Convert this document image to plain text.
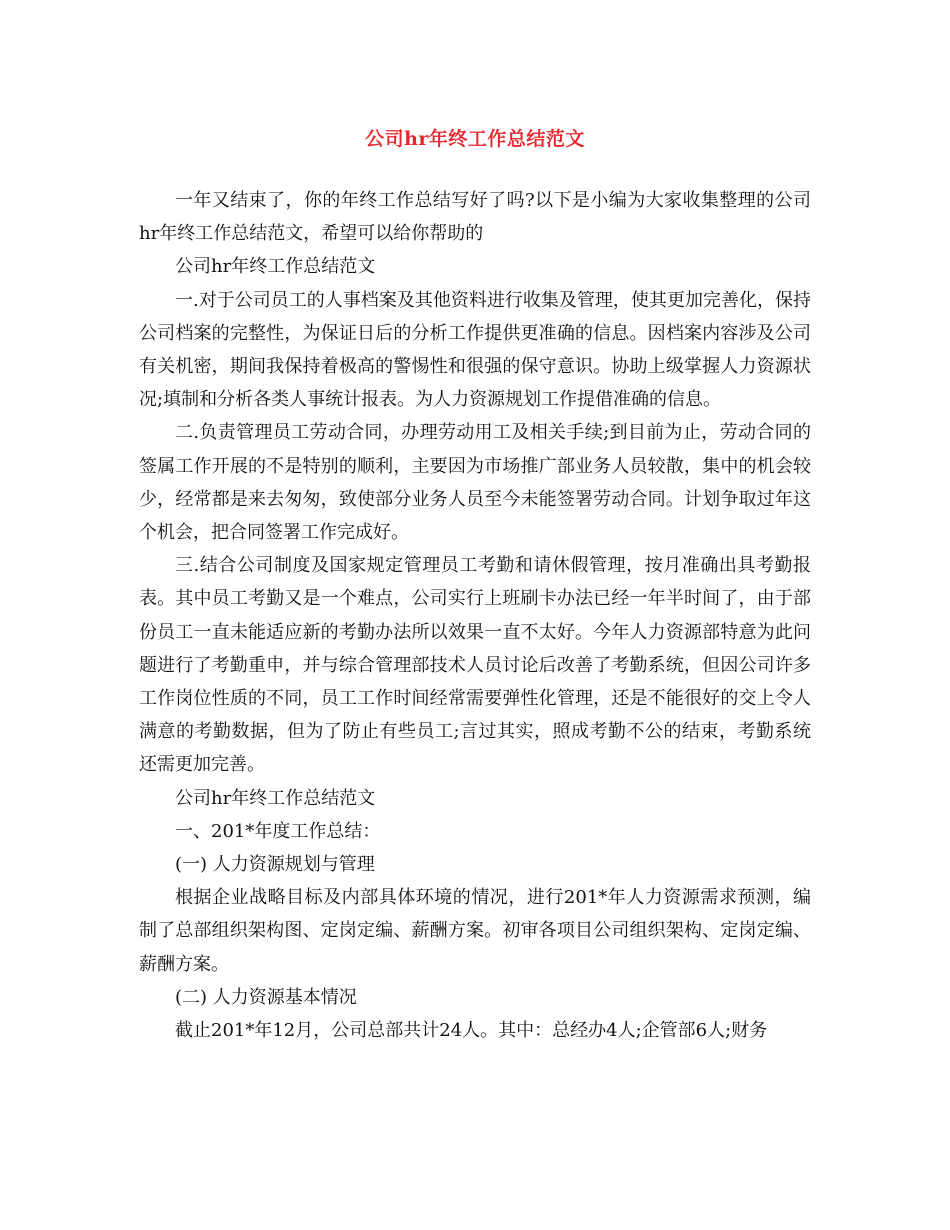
公司hr年终工作总结范文

一年又结束了，你的年终工作总结写好了吗?以下是小编为大家收集整理的公司hr年终工作总结范文，希望可以给你帮助的

公司hr年终工作总结范文

一.对于公司员工的人事档案及其他资料进行收集及管理，使其更加完善化，保持公司档案的完整性，为保证日后的分析工作提供更准确的信息。因档案内容涉及公司有关机密，期间我保持着极高的警惕性和很强的保守意识。协助上级掌握人力资源状况;填制和分析各类人事统计报表。为人力资源规划工作提借准确的信息。

二.负责管理员工劳动合同，办理劳动用工及相关手续;到目前为止，劳动合同的签属工作开展的不是特别的顺利，主要因为市场推广部业务人员较散，集中的机会较少，经常都是来去匆匆，致使部分业务人员至今未能签署劳动合同。计划争取过年这个机会，把合同签署工作完成好。

三.结合公司制度及国家规定管理员工考勤和请休假管理，按月准确出具考勤报表。其中员工考勤又是一个难点，公司实行上班刷卡办法已经一年半时间了，由于部份员工一直未能适应新的考勤办法所以效果一直不太好。今年人力资源部特意为此问题进行了考勤重申，并与综合管理部技术人员讨论后改善了考勤系统，但因公司许多工作岗位性质的不同，员工工作时间经常需要弹性化管理，还是不能很好的交上令人满意的考勤数据，但为了防止有些员工;言过其实，照成考勤不公的结束，考勤系统还需更加完善。

公司hr年终工作总结范文

一、201*年度工作总结：

(一) 人力资源规划与管理

根据企业战略目标及内部具体环境的情况，进行201*年人力资源需求预测，编制了总部组织架构图、定岗定编、薪酬方案。初审各项目公司组织架构、定岗定编、薪酬方案。

(二) 人力资源基本情况

截止201*年12月，公司总部共计24人。其中：总经办4人;企管部6人;财务
